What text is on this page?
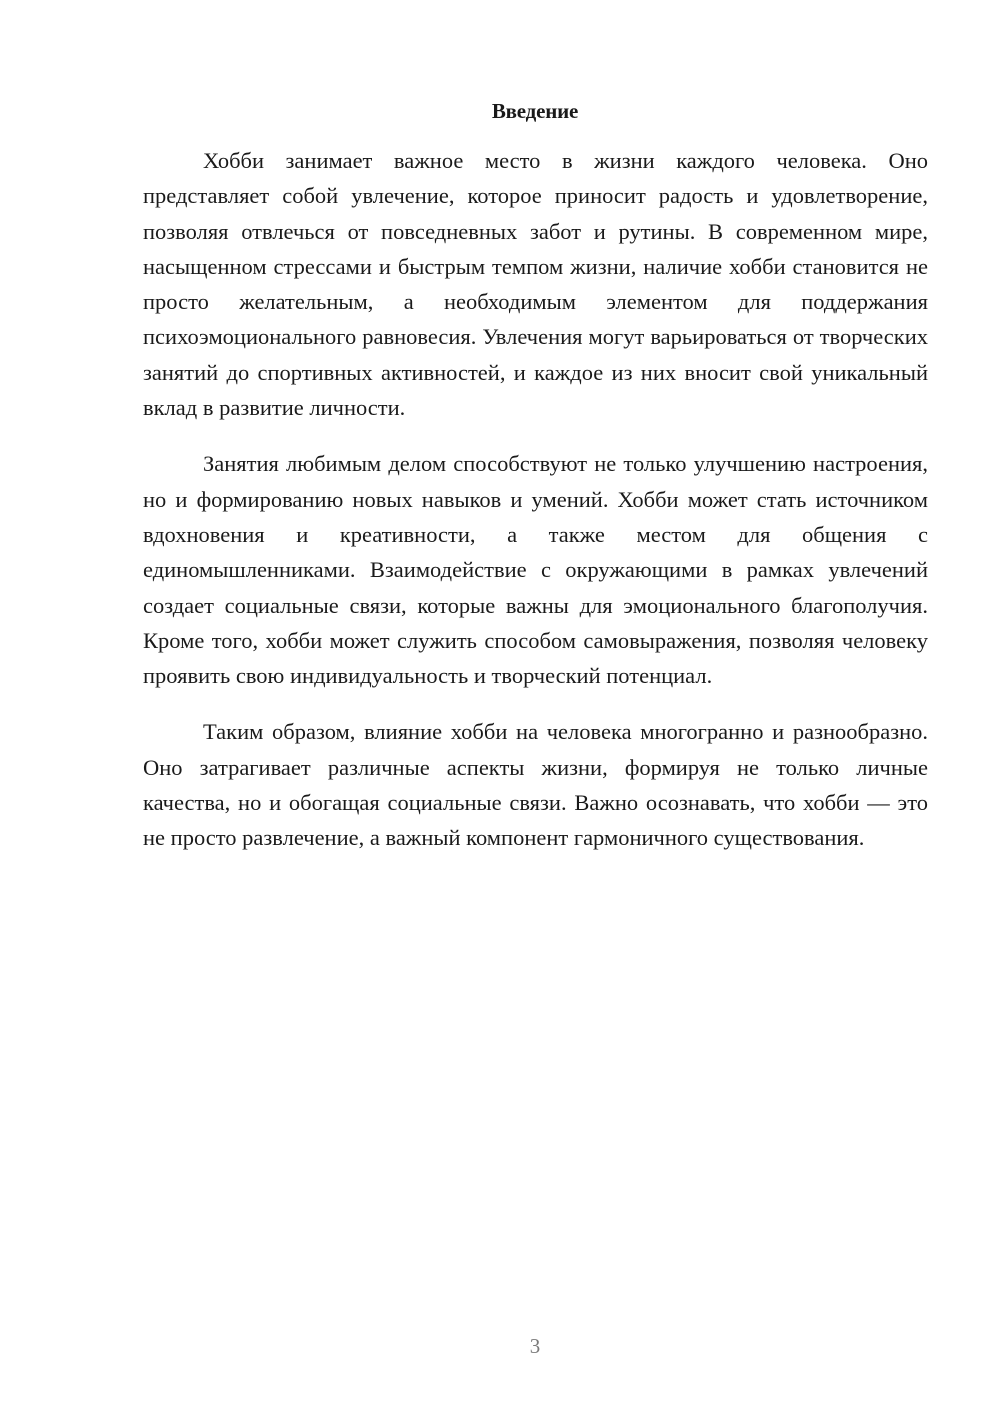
Введение

Хобби занимает важное место в жизни каждого человека. Оно представляет собой увлечение, которое приносит радость и удовлетворение, позволяя отвлечься от повседневных забот и рутины. В современном мире, насыщенном стрессами и быстрым темпом жизни, наличие хобби становится не просто желательным, а необходимым элементом для поддержания психоэмоционального равновесия. Увлечения могут варьироваться от творческих занятий до спортивных активностей, и каждое из них вносит свой уникальный вклад в развитие личности.

Занятия любимым делом способствуют не только улучшению настроения, но и формированию новых навыков и умений. Хобби может стать источником вдохновения и креативности, а также местом для общения с единомышленниками. Взаимодействие с окружающими в рамках увлечений создает социальные связи, которые важны для эмоционального благополучия. Кроме того, хобби может служить способом самовыражения, позволяя человеку проявить свою индивидуальность и творческий потенциал.

Таким образом, влияние хобби на человека многогранно и разнообразно. Оно затрагивает различные аспекты жизни, формируя не только личные качества, но и обогащая социальные связи. Важно осознавать, что хобби — это не просто развлечение, а важный компонент гармоничного существования.

3
